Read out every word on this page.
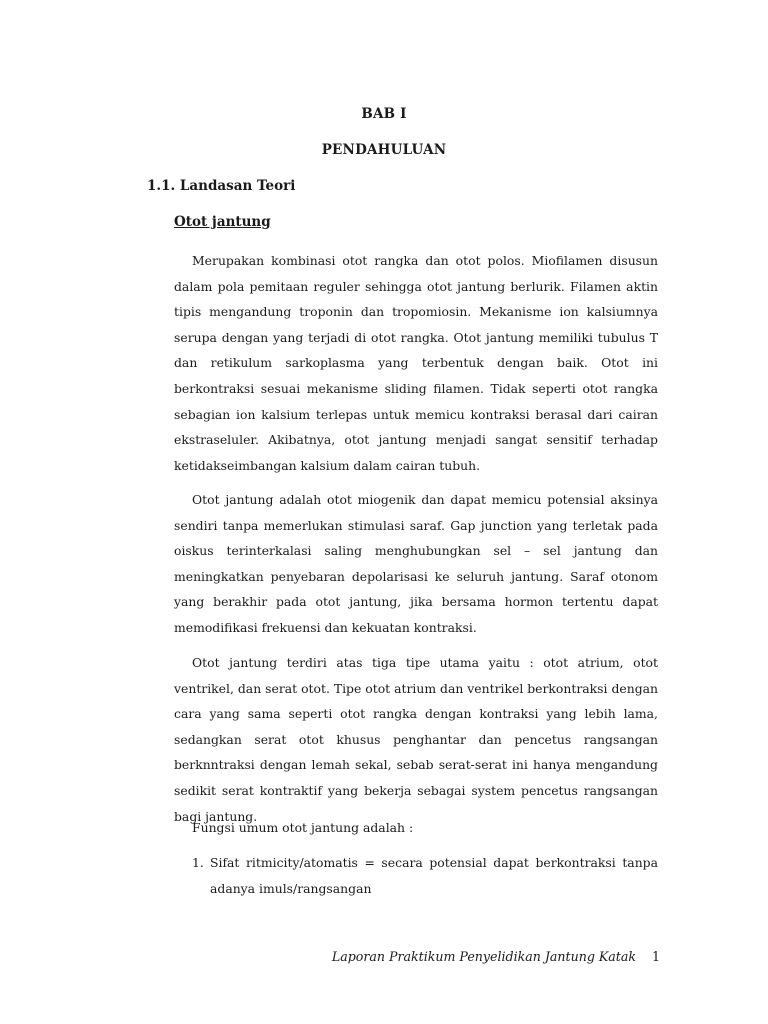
BAB I
PENDAHULUAN
1.1. Landasan Teori
Otot jantung

Merupakan kombinasi otot rangka dan otot polos. Miofilamen disusun dalam pola pemitaan reguler sehingga otot jantung berlurik. Filamen aktin tipis mengandung troponin dan tropomiosin. Mekanisme ion kalsiumnya serupa dengan yang terjadi di otot rangka. Otot jantung memiliki tubulus T dan retikulum sarkoplasma yang terbentuk dengan baik. Otot ini berkontraksi sesuai mekanisme sliding filamen. Tidak seperti otot rangka sebagian ion kalsium terlepas untuk memicu kontraksi berasal dari cairan ekstraseluler. Akibatnya, otot jantung menjadi sangat sensitif terhadap ketidakseimbangan kalsium dalam cairan tubuh.

Otot jantung adalah otot miogenik dan dapat memicu potensial aksinya sendiri tanpa memerlukan stimulasi saraf. Gap junction yang terletak pada oiskus terinterkalasi saling menghubungkan sel – sel jantung dan meningkatkan penyebaran depolarisasi ke seluruh jantung. Saraf otonom yang berakhir pada otot jantung, jika bersama hormon tertentu dapat memodifikasi frekuensi dan kekuatan kontraksi.

Otot jantung terdiri atas tiga tipe utama yaitu : otot atrium, otot ventrikel, dan serat otot. Tipe otot atrium dan ventrikel berkontraksi dengan cara yang sama seperti otot rangka dengan kontraksi yang lebih lama, sedangkan serat otot khusus penghantar dan pencetus rangsangan berknntraksi dengan lemah sekal, sebab serat-serat ini hanya mengandung sedikit serat kontraktif yang bekerja sebagai system pencetus rangsangan bagi jantung.

Fungsi umum otot jantung adalah :

1. Sifat ritmicity/atomatis = secara potensial dapat berkontraksi tanpa adanya imuls/rangsangan
Laporan Praktikum Penyelidikan Jantung Katak 1
